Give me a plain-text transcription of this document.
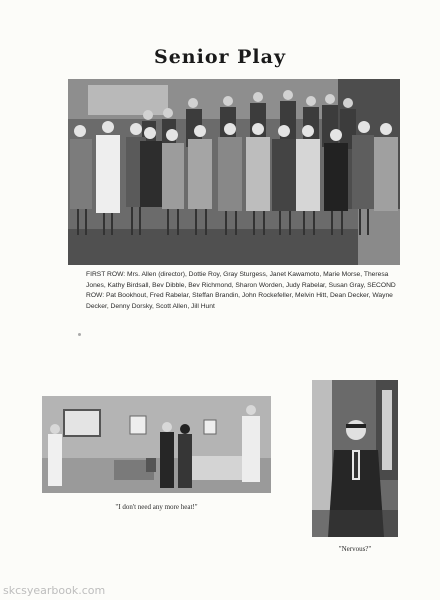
Senior Play
FIRST ROW: Mrs. Allen (director), Dottie Roy, Gray Sturgess, Janet Kawamoto, Marie Morse, Theresa Jones, Kathy Birdsall, Bev Dibble, Bev Richmond, Sharon Worden, Judy Rabelar, Susan Gray, SECOND ROW: Pat Bookhout, Fred Rabelar, Steffan Brandin, John Rockefeller, Melvin Hitt, Dean Decker, Wayne Decker, Denny Dorsky, Scott Allen, Jill Hunt
"I don't need any more heat!"
"Nervous?"
skcsyearbook.com
